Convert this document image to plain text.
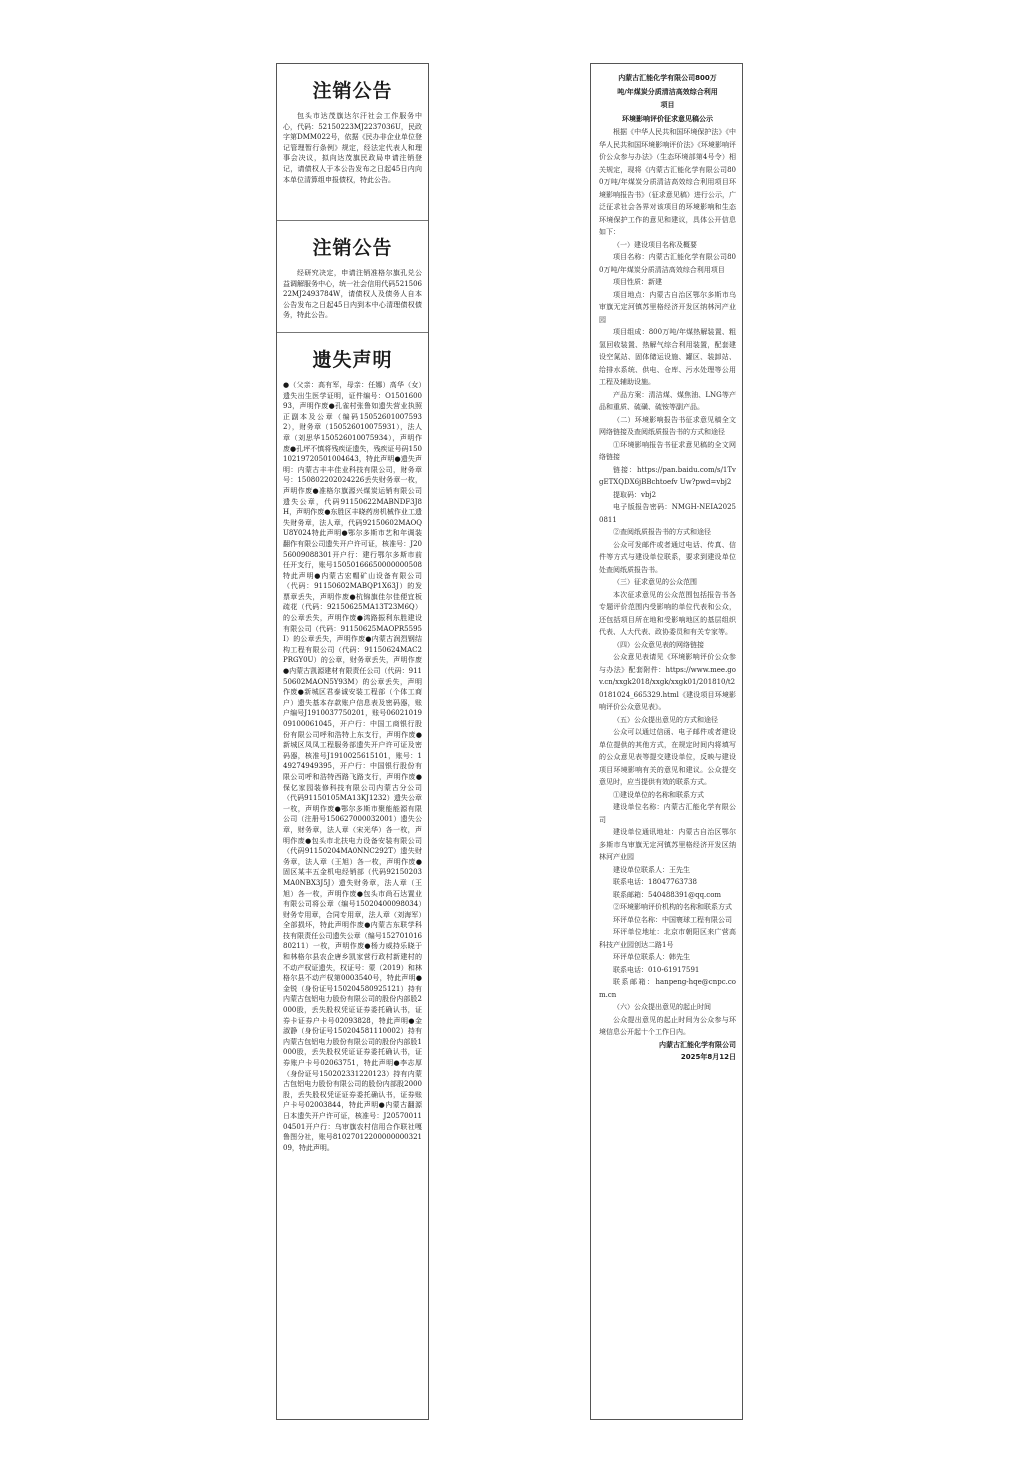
注销公告

包头市达茂旗达尔汗社会工作服务中心，代码：52150223MJ2237036U，民政字第DMM022号，依据《民办非企业单位登记管理暂行条例》规定，经法定代表人和理事会决议，拟向达茂旗民政局申请注销登记，请债权人于本公告发布之日起45日内向本单位清算组申报债权，特此公告。

注销公告

经研究决定，申请注销准格尔旗孔兑公益调解服务中心，统一社会信用代码52150622MJ2493784W，请债权人及债务人自本公告发布之日起45日内到本中心清理债权债务，特此公告。

遗失声明

●（父亲：高有军，母亲：任娜）高华（女）遗失出生医学证明，证件编号：O150160093，声明作废●孔雀村张鲁如遗失营业执照正副本及公章（编码150526010075932），财务章（150526010075931），法人章（刘思华150526010075934），声明作废●孔坪不慎将残疾证遗失，残疾证号码15010219720501004643，特此声明●遗失声明：内蒙古丰丰佳业科技有限公司，财务章号：150802202024226丢失财务章一枚，声明作废●准格尔旗源兴煤炭运销有限公司遗失公章，代码91150622MABNDF3J8H，声明作废●东胜区丰晓药房机械作业工遗失财务章，法人章，代码92150602MAOQU8Y024特此声明●鄂尔多斯市艺和年调装翻作有限公司遗失开户许可证，核准号：J2056009088301开户行：建行鄂尔多斯市前任开支行，账号15050166650000000508特此声明●内蒙古宏帽矿山设备有限公司（代码：91150602MABQP1X63J）的发票章丢失，声明作废●杭锦旗佳尔佳便宜板疏花（代码：92150625MA13T23M6Q）的公章丢失，声明作废●鸿路振利东胜建设有限公司（代码：91150625MAOPR5595I）的公章丢失，声明作废●内蒙古润烈钢结构工程有限公司（代码：91150624MAC2PRGY0U）的公章，财务章丢失，声明作废●内蒙古凯源建材有限责任公司（代码：91150602MAON5Y93M）的公章丢失，声明作废●新城区君泰诚安装工程部（个体工商户）遗失基本存款账户信息表及密码器，账户编号J1910037750201，账号0602101909100061045，开户行：中国工商银行股份有限公司呼和浩特上东支行，声明作废●新城区凤凤工程服务部遗失开户许可证及密码器，核准号J1910025615101，账号：149274949395，开户行：中国银行股份有限公司呼和浩特西路飞路支行，声明作废●保亿家园装修科技有限公司内蒙古分公司（代码91150105MA13KJ1232）遗失公章一枚，声明作废●鄂尔多斯市聚能能源有限公司（注册号150627000032001）遗失公章，财务章，法人章（宋光华）各一枚，声明作废●包头市北扶电力设备安装有限公司（代码91150204MA0NNC292T）遗失财务章，法人章（王旭）各一枚，声明作废●固区某丰五金机电经销部（代码92150203MA0NBX3J5J）遗失财务章，法人章（王旭）各一枚，声明作废●包头市尚石达置业有限公司将公章（编号15020400098034）财务专用章，合同专用章，法人章（刘海军）全部损坏，特此声明作废●内蒙古东联学科技有限责任公司遗失公章（编号15270101680211）一枚，声明作废●杨力威持乐晓于和林格尔县农企唐乡凯家营行政村新建村的不动产权证遗失，权证号：蒙（2019）和林格尔县不动产权第0003540号，特此声明●金锐（身份证号150204580925121）持有内蒙古包铝电力股份有限公司的股份内部股2000股，丢失股权凭证证券委托确认书，证券卡证券户卡号02093828，特此声明●金淑静（身份证号150204581110002）持有内蒙古包铝电力股份有限公司的股份内部股1000股，丢失股权凭证证券委托确认书，证券账户卡号02063751，特此声明●李志厚（身份证号150202331220123）持有内蒙古包铝电力股份有限公司的股份内部股2000股，丢失股权凭证证券委托确认书，证券账户卡号02003844，特此声明●内蒙古翻源日本遗失开户许可证，核准号：J2057001104501开户行：乌审旗农村信用合作联社嘎鲁图分社，账号8102701220000000032109，特此声明。

内蒙古汇能化学有限公司800万

吨/年煤炭分质清洁高效综合利用

项目

环境影响评价征求意见稿公示

根据《中华人民共和国环境保护法》《中华人民共和国环境影响评价法》《环境影响评价公众参与办法》（生态环境部第4号令）相关规定，现将《内蒙古汇能化学有限公司800万吨/年煤炭分质清洁高效综合利用项目环境影响报告书》（征求意见稿）进行公示，广泛征求社会各界对该项目的环境影响和生态环境保护工作的意见和建议，具体公开信息如下：

（一）建设项目名称及概要

项目名称：内蒙古汇能化学有限公司800万吨/年煤炭分质清洁高效综合利用项目

项目性质：新建

项目地点：内蒙古自治区鄂尔多斯市乌审旗无定河镇苏里格经济开发区纳林河产业园

项目组成：800万吨/年煤热解装置、粗氢回收装置、热解气综合利用装置，配套建设空氮站、固体储运设施、罐区、装卸站、给排水系统、供电、仓库、污水处理等公用工程及辅助设施。

产品方案：清洁煤、煤焦油、LNG等产品和重质、硫磺、硫铵等副产品。

（二）环境影响报告书征求意见稿全文网络链接及查阅纸质报告书的方式和途径

①环境影响报告书征求意见稿的全文网络链接

链接：https://pan.baidu.com/s/1TvgETXQDX6jBBchtoefv Uw?pwd=vbj2

提取码：vbj2

电子版报告密码：NMGH-NEIA20250811

②查阅纸质报告书的方式和途径

公众可发邮件或者通过电话、传真、信件等方式与建设单位联系，要求到建设单位处查阅纸质报告书。

（三）征求意见的公众范围

本次征求意见的公众范围包括报告书各专题评价范围内受影响的单位代表和公众，还包括项目所在地和受影响地区的基层组织代表、人大代表、政协委员和有关专家等。

（四）公众意见表的网络链接

公众意见表请见《环境影响评价公众参与办法》配套附件：https://www.mee.gov.cn/xxgk2018/xxgk/xxgk01/201810/t20181024_665329.html《建设项目环境影响评价公众意见表》。

（五）公众提出意见的方式和途径

公众可以通过信函、电子邮件或者建设单位提供的其他方式，在规定时间内将填写的公众意见表等提交建设单位，反映与建设项目环境影响有关的意见和建议。公众提交意见时，应当提供有效的联系方式。

①建设单位的名称和联系方式

建设单位名称：内蒙古汇能化学有限公司

建设单位通讯地址：内蒙古自治区鄂尔多斯市乌审旗无定河镇苏里格经济开发区纳林河产业园

建设单位联系人：王先生

联系电话：18047763738

联系邮箱：540488391@qq.com

②环境影响评价机构的名称和联系方式

环评单位名称：中国寰球工程有限公司

环评单位地址：北京市朝阳区来广营高科技产业园创达二路1号

环评单位联系人：韩先生

联系电话：010-61917591

联系邮箱：hanpeng-hqe@cnpc.com.cn

（六）公众提出意见的起止时间

公众提出意见的起止时间为公众参与环境信息公开起十个工作日内。

内蒙古汇能化学有限公司

2025年8月12日
